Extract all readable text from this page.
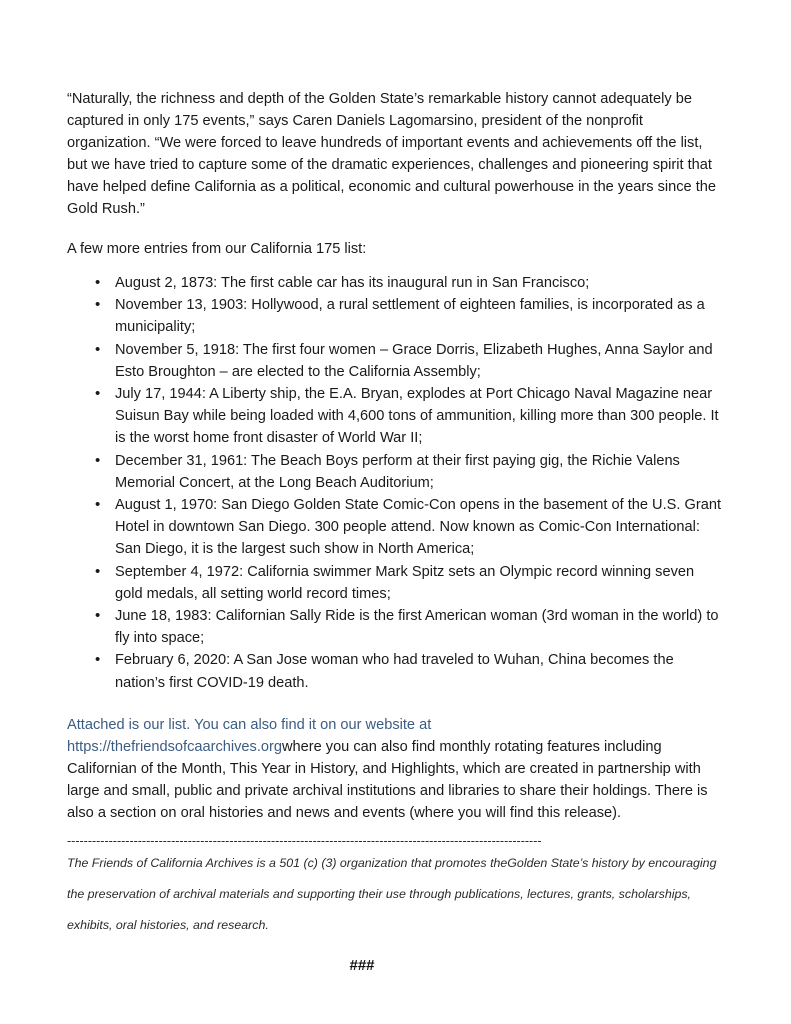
“Naturally, the richness and depth of the Golden State’s remarkable history cannot adequately be captured in only 175 events,” says Caren Daniels Lagomarsino, president of the nonprofit organization. “We were forced to leave hundreds of important events and achievements off the list, but we have tried to capture some of the dramatic experiences, challenges and pioneering spirit that have helped define California as a political, economic and cultural powerhouse in the years since the Gold Rush.”

A few more entries from our California 175 list:

• August 2, 1873: The first cable car has its inaugural run in San Francisco;
• November 13, 1903: Hollywood, a rural settlement of eighteen families, is incorporated as a municipality;
• November 5, 1918: The first four women – Grace Dorris, Elizabeth Hughes, Anna Saylor and Esto Broughton – are elected to the California Assembly;
• July 17, 1944: A Liberty ship, the E.A. Bryan, explodes at Port Chicago Naval Magazine near Suisun Bay while being loaded with 4,600 tons of ammunition, killing more than 300 people. It is the worst home front disaster of World War II;
• December 31, 1961: The Beach Boys perform at their first paying gig, the Richie Valens Memorial Concert, at the Long Beach Auditorium;
• August 1, 1970: San Diego Golden State Comic-Con opens in the basement of the U.S. Grant Hotel in downtown San Diego. 300 people attend. Now known as Comic-Con International: San Diego, it is the largest such show in North America;
• September 4, 1972: California swimmer Mark Spitz sets an Olympic record winning seven gold medals, all setting world record times;
• June 18, 1983: Californian Sally Ride is the first American woman (3rd woman in the world) to fly into space;
• February 6, 2020: A San Jose woman who had traveled to Wuhan, China becomes the nation’s first COVID-19 death.

Attached is our list. You can also find it on our website at
https://thefriendsofcaarchives.orgwhere you can also find monthly rotating features including Californian of the Month, This Year in History, and Highlights, which are created in partnership with large and small, public and private archival institutions and libraries to share their holdings. There is also a section on oral histories and news and events (where you will find this release).

------------------------------------------------------------------------------------------------------------------

The Friends of California Archives is a 501 (c) (3) organization that promotes theGolden State’s history by encouraging the preservation of archival materials and supporting their use through publications, lectures, grants, scholarships, exhibits, oral histories, and research.

###
